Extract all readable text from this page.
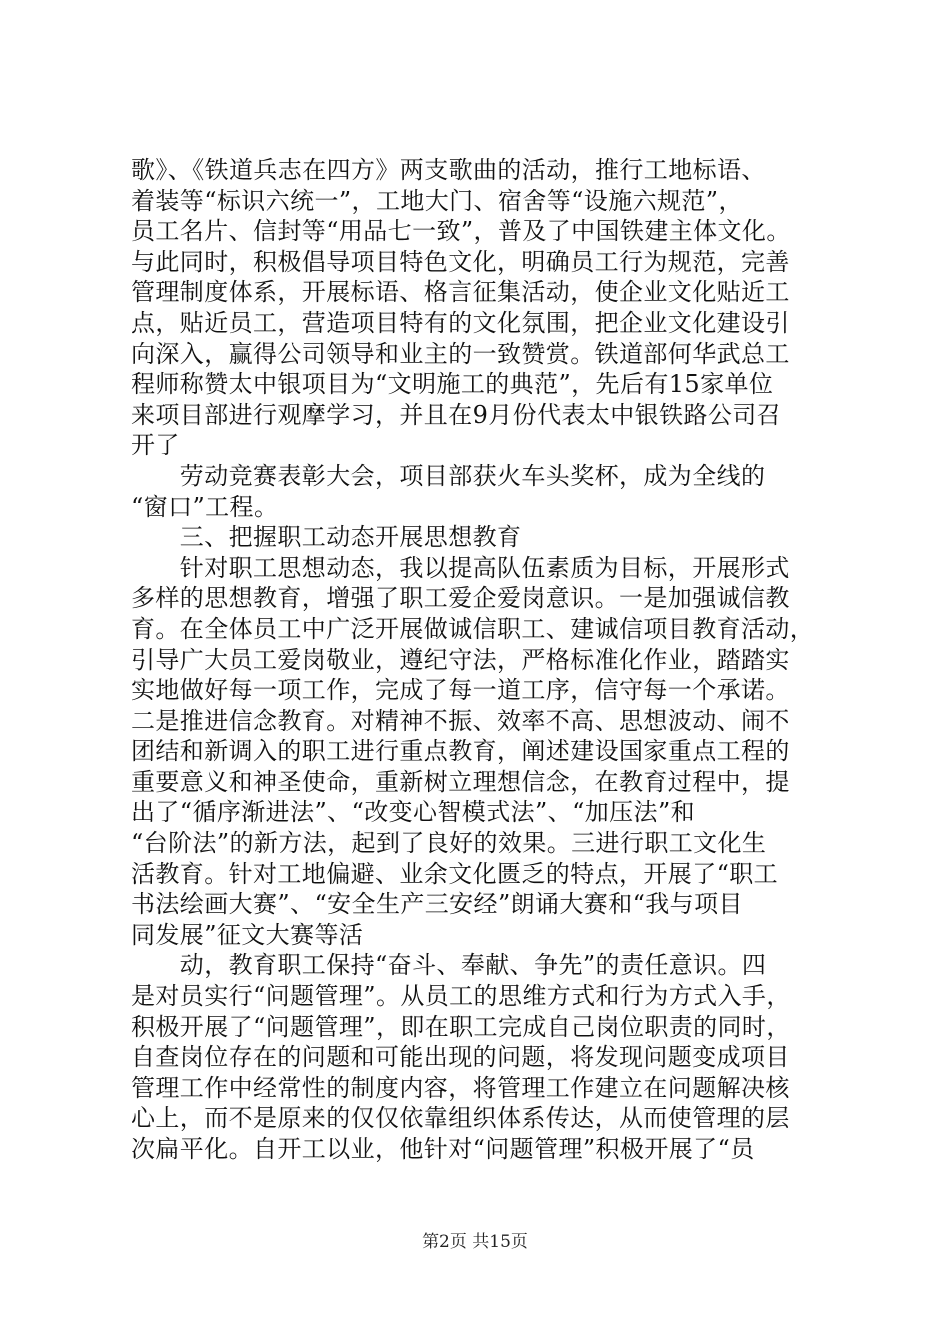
歌》、《铁道兵志在四方》两支歌曲的活动，推行工地标语、
着装等“标识六统一”，工地大门、宿舍等“设施六规范”，
员工名片、信封等“用品七一致”，普及了中国铁建主体文化。
与此同时，积极倡导项目特色文化，明确员工行为规范，完善
管理制度体系，开展标语、格言征集活动，使企业文化贴近工
点，贴近员工，营造项目特有的文化氛围，把企业文化建设引
向深入，赢得公司领导和业主的一致赞赏。铁道部何华武总工
程师称赞太中银项目为“文明施工的典范”，先后有15家单位
来项目部进行观摩学习，并且在9月份代表太中银铁路公司召
开了
　　劳动竞赛表彰大会，项目部获火车头奖杯，成为全线的
“窗口”工程。
　　三、把握职工动态开展思想教育
　　针对职工思想动态，我以提高队伍素质为目标，开展形式
多样的思想教育，增强了职工爱企爱岗意识。一是加强诚信教
育。在全体员工中广泛开展做诚信职工、建诚信项目教育活动，
引导广大员工爱岗敬业，遵纪守法，严格标准化作业，踏踏实
实地做好每一项工作，完成了每一道工序，信守每一个承诺。
二是推进信念教育。对精神不振、效率不高、思想波动、闹不
团结和新调入的职工进行重点教育，阐述建设国家重点工程的
重要意义和神圣使命，重新树立理想信念，在教育过程中，提
出了“循序渐进法”、“改变心智模式法”、“加压法”和
“台阶法”的新方法，起到了良好的效果。三进行职工文化生
活教育。针对工地偏避、业余文化匮乏的特点，开展了“职工
书法绘画大赛”、“安全生产三安经”朗诵大赛和“我与项目
同发展”征文大赛等活
　　动，教育职工保持“奋斗、奉献、争先”的责任意识。四
是对员实行“问题管理”。从员工的思维方式和行为方式入手，
积极开展了“问题管理”，即在职工完成自己岗位职责的同时，
自查岗位存在的问题和可能出现的问题，将发现问题变成项目
管理工作中经常性的制度内容，将管理工作建立在问题解决核
心上，而不是原来的仅仅依靠组织体系传达，从而使管理的层
次扁平化。自开工以业，他针对“问题管理”积极开展了“员
第2页 共15页
